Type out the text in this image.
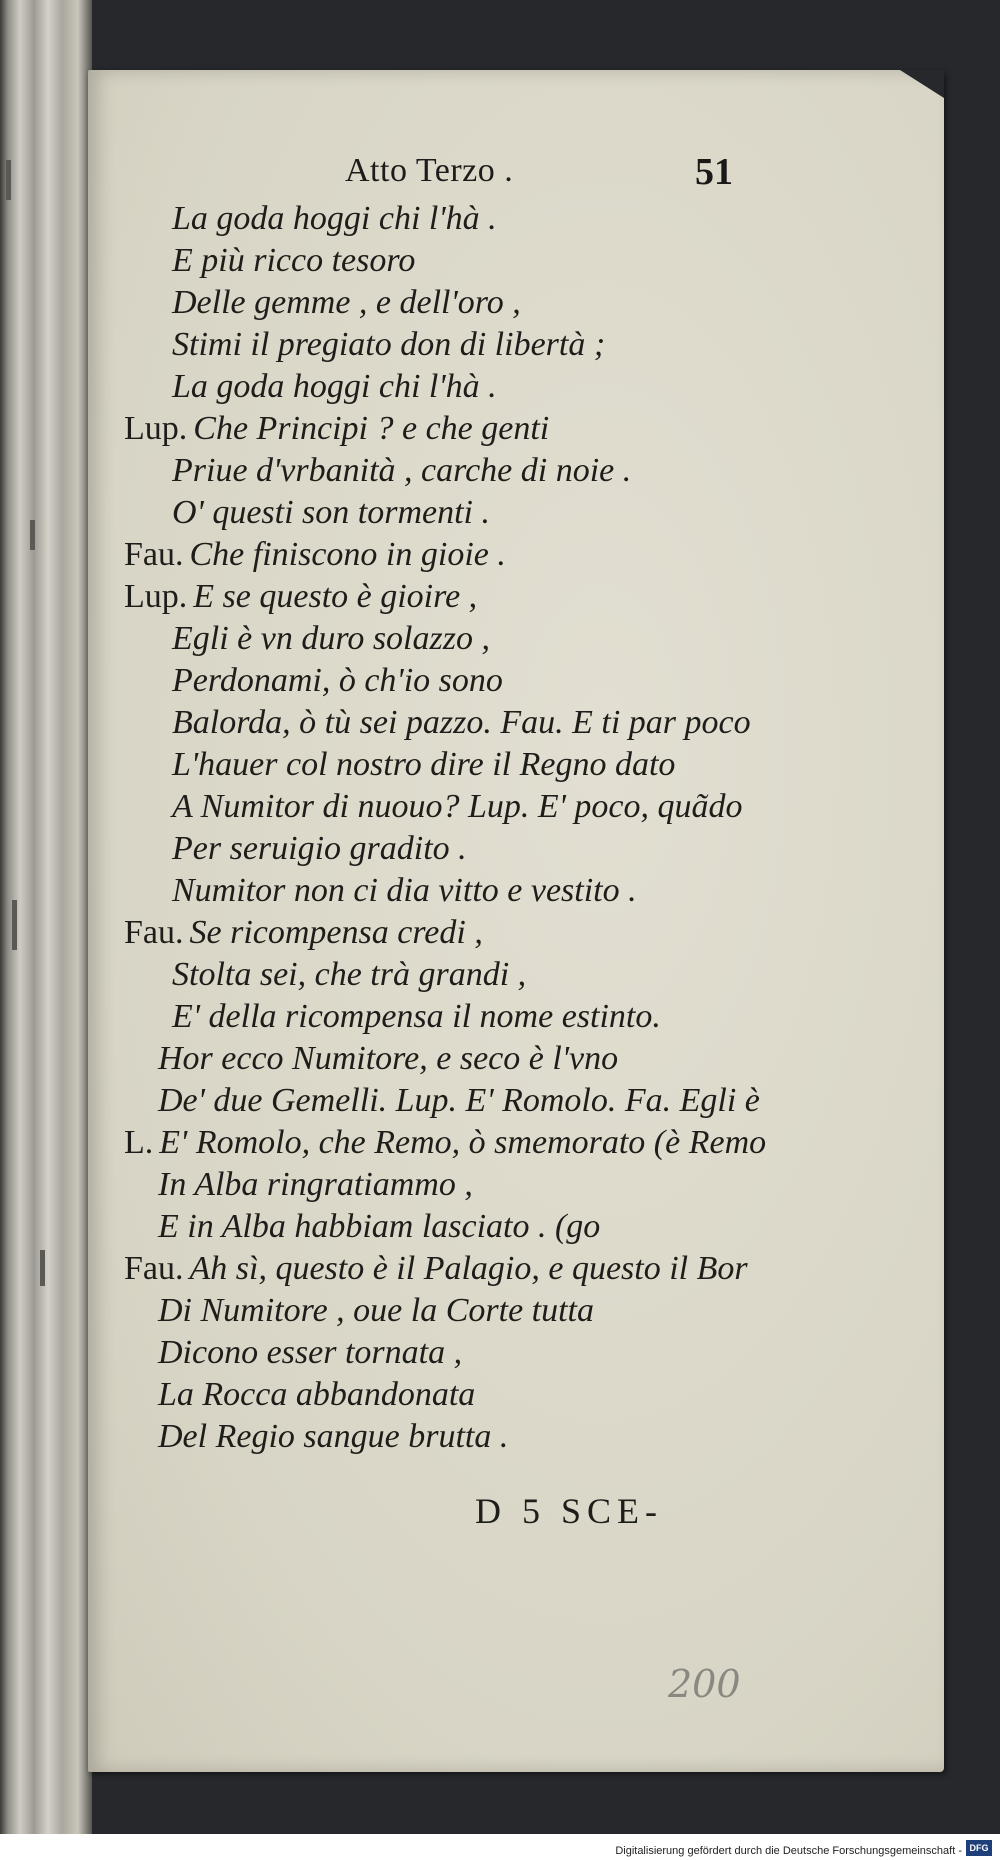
Atto Terzo .	51
La goda hoggi chi l'hà .
E più ricco tesoro
Delle gemme , e dell'oro ,
Stimi il pregiato don di libertà ;
La goda hoggi chi l'hà .
Lup. Che Principi ? e che genti
Priue d'vrbanità , carche di noie .
O' questi son tormenti .
Fau. Che finiscono in gioie .
Lup. E se questo è gioire ,
Egli è vn duro solazzo ,
Perdonami, ò ch'io sono
Balorda, ò tù sei pazzo. Fau. E ti par poco
L'hauer col nostro dire il Regno dato
A Numitor di nuouo? Lup. E' poco, quãdo
Per seruigio gradito .
Numitor non ci dia vitto e vestito .
Fau. Se ricompensa credi ,
Stolta sei, che trà grandi ,
E' della ricompensa il nome estinto.
Hor ecco Numitore, e seco è l'vno
De' due Gemelli. Lup. E' Romolo. Fa. Egli è
L. E' Romolo, che Remo, ò smemorato (è Remo
In Alba ringratiammo ,
E in Alba habbiam lasciato . (go
Fau. Ah sì, questo è il Palagio, e questo il Bor
Di Numitore , oue la Corte tutta
Dicono esser tornata ,
La Rocca abbandonata
Del Regio sangue brutta .
D 5 SCE-
200
Digitalisierung gefördert durch die Deutsche Forschungsgemeinschaft - DFG
